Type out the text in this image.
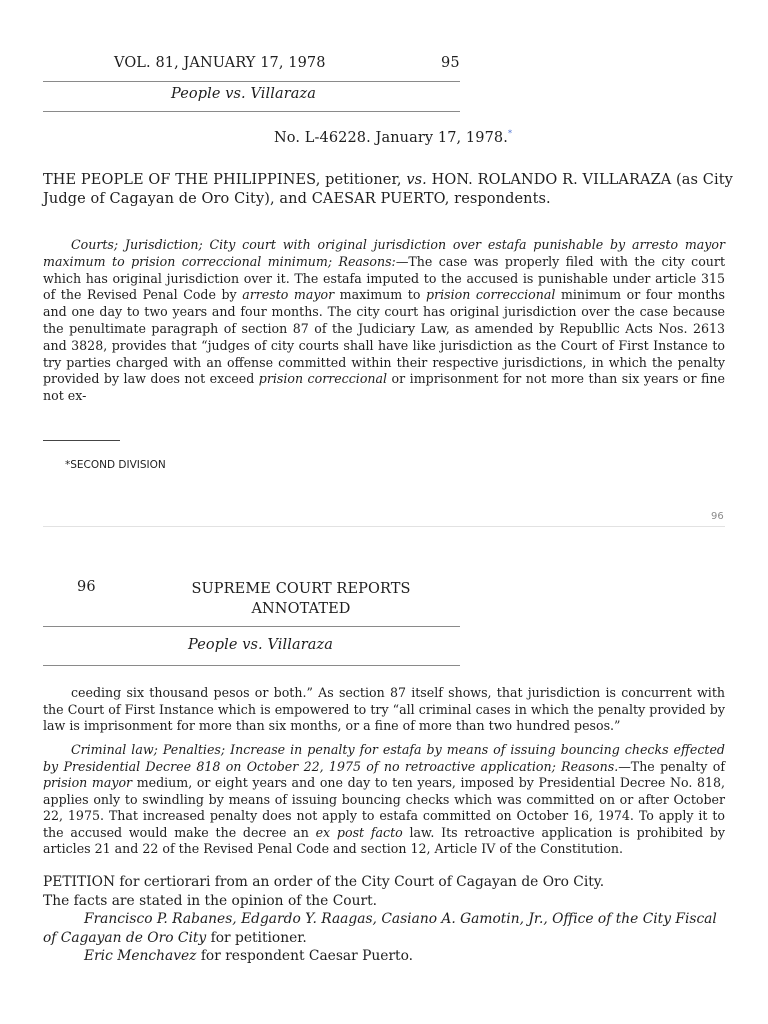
VOL. 81, JANUARY 17, 1978	95
People vs. Villaraza
No. L-46228. January 17, 1978.*
THE PEOPLE OF THE PHILIPPINES, petitioner, vs. HON. ROLANDO R. VILLARAZA (as City
Judge of Cagayan de Oro City), and CAESAR PUERTO, respondents.
Courts; Jurisdiction; City court with original jurisdiction over estafa punishable by arresto mayor maximum to prision correccional minimum; Reasons:—The case was properly filed with the city court which has original jurisdiction over it. The estafa imputed to the accused is punishable under article 315 of the Revised Penal Code by arresto mayor maximum to prision correccional minimum or four months and one day to two years and four months. The city court has original jurisdiction over the case because the penultimate paragraph of section 87 of the Judiciary Law, as amended by Republlic Acts Nos. 2613 and 3828, provides that “judges of city courts shall have like jurisdiction as the Court of First Instance to try parties charged with an offense committed within their respective jurisdictions, in which the penalty provided by law does not exceed prision correccional or imprisonment for not more than six years or fine not ex-
*SECOND DIVISION
96
96	SUPREME COURT REPORTS
ANNOTATED
People vs. Villaraza
ceeding six thousand pesos or both.” As section 87 itself shows, that jurisdiction is concurrent with the Court of First Instance which is empowered to try “all criminal cases in which the penalty provided by law is imprisonment for more than six months, or a fine of more than two hundred pesos.”
Criminal law; Penalties; Increase in penalty for estafa by means of issuing bouncing checks effected by Presidential Decree 818 on October 22, 1975 of no retroactive application; Reasons.—The penalty of prision mayor medium, or eight years and one day to ten years, imposed by Presidential Decree No. 818, applies only to swindling by means of issuing bouncing checks which was committed on or after October 22, 1975. That increased penalty does not apply to estafa committed on October 16, 1974. To apply it to the accused would make the decree an ex post facto law. Its retroactive application is prohibited by articles 21 and 22 of the Revised Penal Code and section 12, Article IV of the Constitution.
PETITION for certiorari from an order of the City Court of Cagayan de Oro City.
The facts are stated in the opinion of the Court.
Francisco P. Rabanes, Edgardo Y. Raagas, Casiano A. Gamotin, Jr., Office of the City Fiscal of Cagayan de Oro City for petitioner.
Eric Menchavez for respondent Caesar Puerto.
